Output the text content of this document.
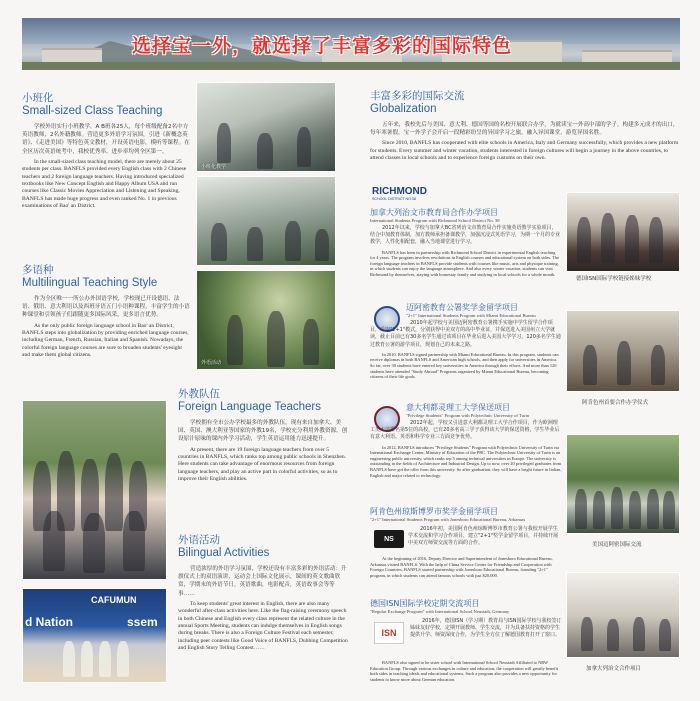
选择宝一外，就选择了丰富多彩的国际特色
小班化
Small-sized Class Teaching

学校外语实行小班教学，A B班各25人，每个班级配备2名中方英语教师，2名外籍教师。营造更多外语学习氛围，引进《新概念英语》、《走进美国》等特色英文教材，开设英语电影，模听等课程。在全区历次英语统考中，我校优秀率、进步率均列全区第一。

In the small-sized class teaching model, there are merely about 25 students per class. BANFLS provided every English class with 2 Chinese teachers and 2 foreign language teachers. Having introduced specialized textbooks like New Concept English and Happy Album USA and run courses like Classic Movies Appreciation and Listening and Speaking, BANFLS has made huge progress and even ranked No. 1 in previous examinations of Bao' an District.

多语种
Multilingual Teaching Style

作为全区唯一一所公办外国语学校，学校现已开设德语、法语、俄语、意大利语以及西班牙语五门小语种课程，丰富学生的小语种课堂和引领孩子们跟随更多国际风采，更多语言优势。

As the only public foreign language school in Bao' an District, BANFLS steps into globalization by providing enriched language courses, including German, French, Russian, Italian and Spanish. Nowadays, the colorful foreign language courses are sure to broaden students' eyesight and make them global citizens.

小班化教学
外语活动
外教队伍
Foreign Language Teachers

学校拥有全市公办学校最多的外教队伍，现有来自加拿大、美国、英国、澳大利亚等国家的外教19名，学校充分利用外教资源，创设原汁原味的课内外学习活动，学生英语运用能力迅速提升。

At present, there are 19 foreign language teachers from over 5 countries in BANFLS, which ranks top among public schools in Shenzhen. Here students can take advantage of enormous resources from foreign language teachers, and play an active part in colorful activities, so as to improve their English abilities.

外语活动
Bilingual Activities

营造浓厚的外语学习氛围，学校还设有丰富多彩的外语活动：升旗仪式上的双语演讲、运动会上国际文化展示，课间的英文歌曲欣赏，学期末的外语节日，英语歌曲，电影配音，英语故事会等等事……

To keep students' great interest in English, there are also many wonderful after-class activities here. Like the flag-raising ceremony speech in both Chinese and English every class represent the related culture in the annual Sports Meeting, students can indulge themselves in English songs during breaks. There is also a Foreign Culture Festival each semester, including peer contests like Good Voice of BANFLS, Dubbing Competition and English Story Telling Contest……

CAFUMUN
d Nation	ssem
丰富多彩的国际交流
Globalization

五年来，我校先后与美国、意大利、德国等国的名校开展联合办学，为就读宝一外高中部的学子，构建多元成才的出口，每年寒暑假，宝一外学子会开启一段精彩纷呈的异国学习之旅，融入异国课堂，游览异国名胜。

Since 2010, BANFLS has cooperated with elite schools in America, Italy and Germany successfully, which provides a new platform for students. Every summer and winter vacation, students interested in foreign cultures will begin a journey in the above countries, to attend classes in local schools and to experience foreign customs on their own.

RICHMOND
SCHOOL DISTRICT NO.38
加拿大列治文市教育局合作办学项目
International Students Program with Richmond School District No. 38

2012年以来，学校与加拿大BC省列治文市教育局合作实施英语教学实验项目，结合中加教育体制，加方教师承担备课教学，加强沉浸式英语学习，为期一个月的专业教学，人性化相配套，融入当地课堂进行学习。

BANFLS has been in partnership with Richmond School District in experimental English teaching for 4 years. The program involves revolutions in English courses and educational system on both sides. The foreign language teachers in BANFLS provide students with courses like music, arts and physique training, in which students can enjoy the language atmosphere. And also every winter vacation, students can visit Richmond by themselves, staying with homestay family and studying in local schools for a whole month.

德国ISN国际学校链接姊妹学校
迈阿密教育公署奖学金留学项目
"2+1" International Students Program with Miami Educational Bureau

2010年起学校与美国迈阿密教育公署携手实施中学生留学合作项目，采取"2+1"模式，分别获得中美双方的高中毕业证，并保送进入美国州立大学就读，截止目前已有30多名学生通过该项目在毕业后进入美国大学学习，120多名学生通过教育公署的游学项目，规划自己的未来之路。

In 2010, BANFLS signed partnership with Miami Educational Bureau. In this program, students can receive diplomas in both BANFLS and American high schools, and then apply for universities in America. So far, over 30 students have entered key universities in America through their efforts. And more than 120 students have attended "Study Abroad" Programs organized by Miami Educational Bureau, becoming citizens of their life goals.

阿肯色州首要合作办学仪式
意大利都灵理工大学保送项目
"Privilege Students" Program with Polytechnic University of Turin

2012年起，学校又引进意大利都灵理工大学合作项目，作为欧洲理工类大学排名第5位的高校，已有20多名高三学子获得该大学的保送资格，学生毕业后有意大利语、英语和科学专业三方面竞争优势。

In 2012, BANFLS introduces "Privilege Students" Program with Polytechnic University of Turin via International Exchange Center, Ministry of Education of the PRC. The Polytechnic University of Turin is an engineering public university, which ranks top 5 among technical universities in Europe. The university is outstanding in the fields of Architecture and Industrial Design. Up to now, over 20 privileged graduates from BANFLS have got the offer from this university. So after graduation, they will have a bright future in Italian, English and major related to technology.

美国迈阿密国际交流
阿肯色州琼斯博罗市奖学金留学项目
"2+1" International Students Program with Jonesboro Educational Bureau, Arkansas
NS

2016年初，美国阿肯色州琼斯博罗市教育公署与我校开展学生学术交流和学习合作项目，建立"2+1"奖学金留学项目，并持续开展中美双方师资交流等方面的合作。

At the beginning of 2016, Deputy Director and Superintendent of Jonesboro Educational Bureau, Arkansas visited BANFLS. With the help of China Service Center for Friendship and Cooperation with Foreign Countries, BANFLS started partnership with Jonesboro Educational Bureau, founding "2+1" program, in which students can attend famous schools with just $20,000.

德国ISN国际学校定期交流项目
"Regular Exchange Program" with International School Neustadt, Germany
ISN

2016年，德国ISN（学习期）教育局与ISN国际学校与我校签订姊妹友好学校，定期开展教师、学生交流，并为具备扶持资格的学生提供升学、师资深度合作，为学生全方位了解德国教育打开了窗口。

BANFLS also signed to be sister school with International School Neustadt Affiliated to NRW Education Group. Through various exchanges in culture and education, the cooperation will greatly benefit both sides in teaching ideals and educational systems. Such a program also provides a new opportunity for students to know more about German education.

加拿大列治文合作项目
